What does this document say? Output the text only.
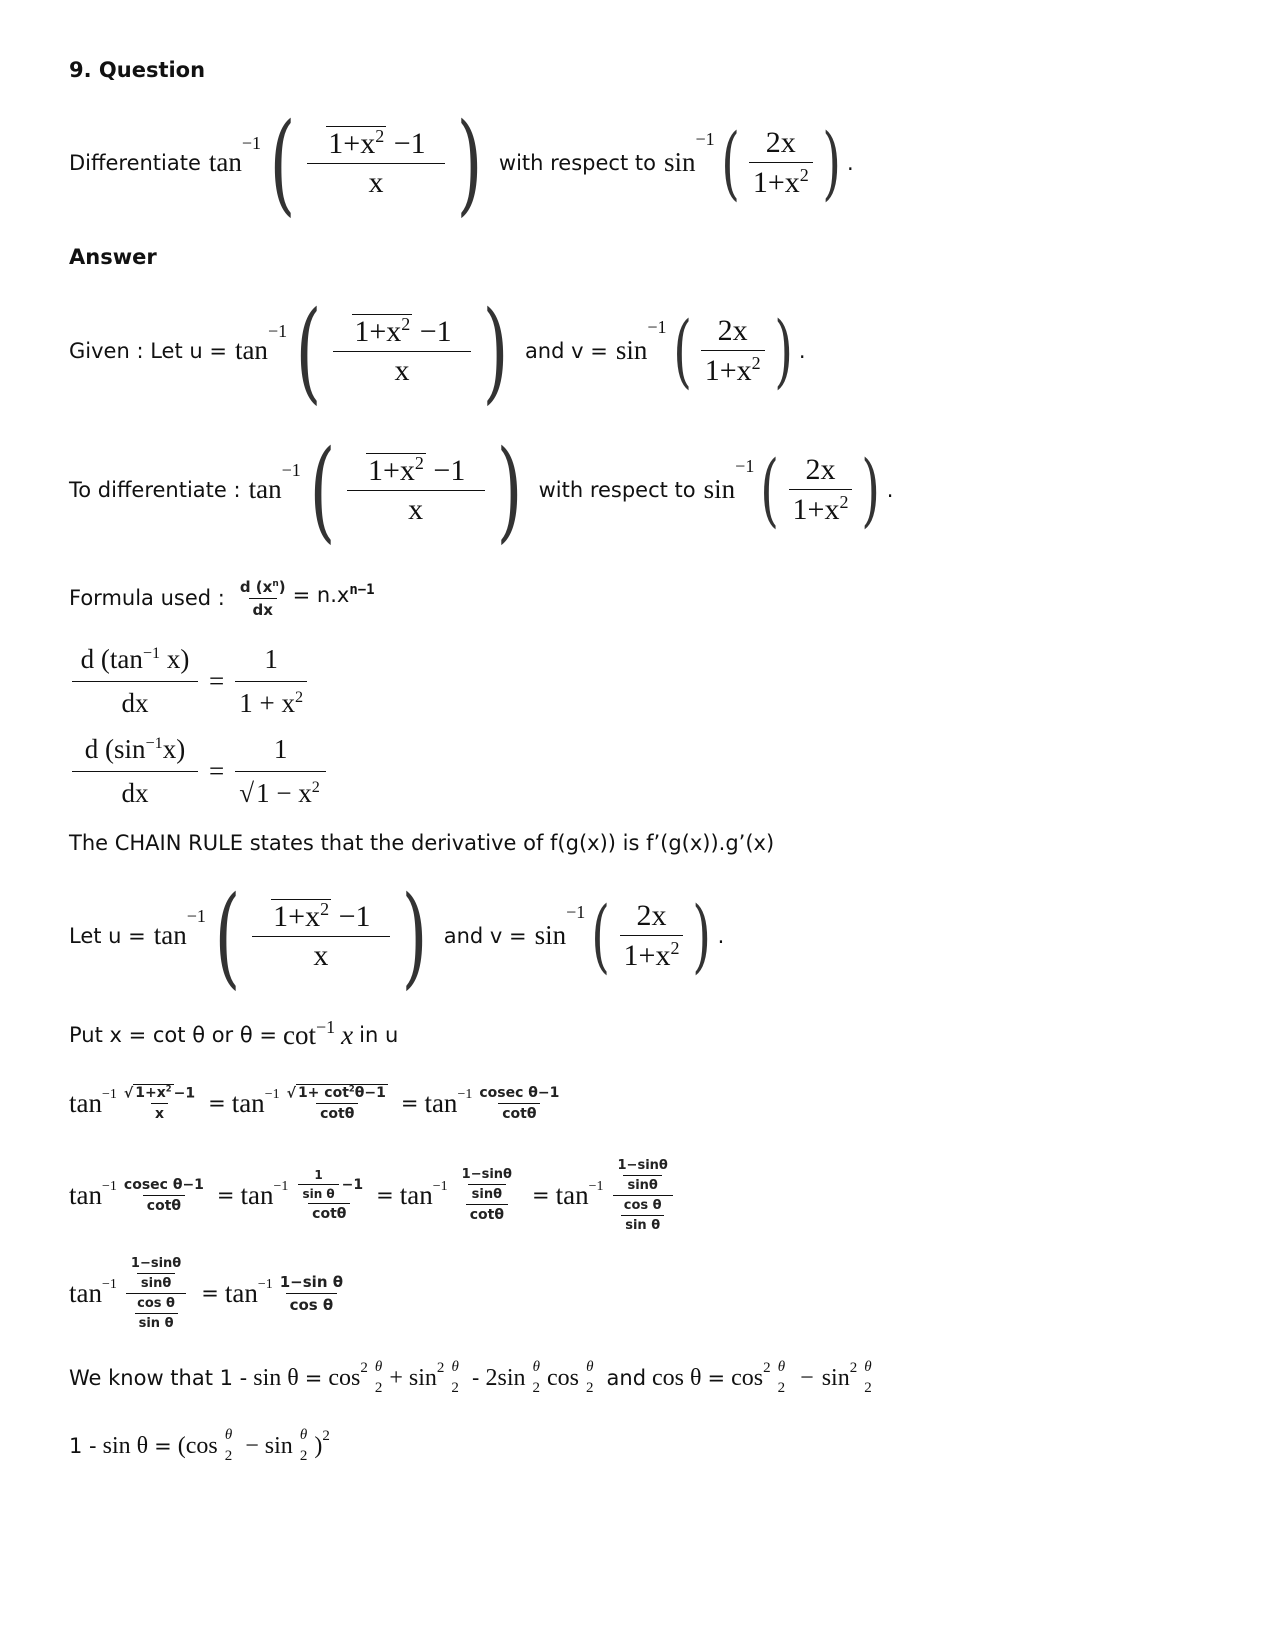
9. Question
Differentiate tan
−1 ( $\frac{1+x^2 -1}{x}$ ) with respect to sin
−1 ( $\frac{2x}{1+x^2}$ ) .
Answer
Given : Let u = tan
−1 ( $\frac{1+x^2 -1}{x}$ ) and v = sin
−1 ( $\frac{2x}{1+x^2}$ ) .
To differentiate : tan
−1 ( $\frac{1+x^2 -1}{x}$ ) with respect to sin
−1 ( $\frac{2x}{1+x^2}$ ) .
Formula used : $\frac{d (x^n)}{dx} = n.x^{n-1}$
$\frac{d (\tan^{-1} x)}{dx} = \frac{1}{1 + x^2}$
$\frac{d (\sin^{-1}x)}{dx} = \frac{1}{√1 - x^2}$
The CHAIN RULE states that the derivative of f(g(x)) is f’(g(x)).g’(x)
Let u = tan
−1 ( $\frac{1+x^2 -1}{x}$ ) and v = sin
−1 ( $\frac{2x}{1+x^2}$ ) .
Put x = cot θ or θ = cot −1 x in u
$\tan -1 \frac{√ 1+x^2 -1}{x} = \tan -1 \frac{√ 1+ \cot^2\theta-1}{\cot\theta} = \tan -1 \frac{\text{cosec θ−1}}{\cot\theta}$
$\tan -1 \frac{\text{cosec θ−1}}{\cot\theta} = \tan -1 \frac{\frac{1}{\text{sin θ}} -1}{\cot\theta} = \tan -1 \frac{\frac{1-\sin\theta}{\sin\theta}}{\cot\theta} = \tan -1 \frac{\frac{1-\sin\theta}{\sin\theta}}{\frac{\text{cos θ}}{\text{sin θ}}}$
$\tan -1 \frac{\frac{1-\sin\theta}{\sin\theta}}{\frac{\text{cos θ}}{\text{sin θ}}} = \tan -1 \frac{\text{1−sin θ}}{\text{cos θ}}$
We know that $1 - \sin \theta = \cos^2 \theta$
$2 + \sin^2 \theta$
2 - 2sin θ
2 cos θ
2 and $\cos \theta = \cos^2 \theta$
$2 - \sin^2 \theta$
2
1 - sin θ = ( cos θ
2 − sin θ
2 )$^2$
